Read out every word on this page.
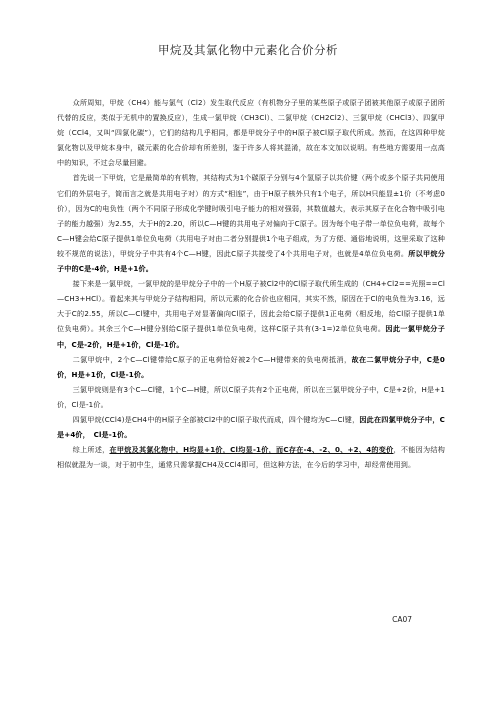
甲烷及其氯化物中元素化合价分析

众所周知，甲烷（CH4）能与氯气（Cl2）发生取代反应（有机物分子里的某些原子或原子团被其他原子或原子团所代替的反应，类似于无机中的置换反应），生成一氯甲烷（CH3Cl）、二氯甲烷（CH2Cl2）、三氯甲烷（CHCl3）、四氯甲烷（CCl4，又叫“四氯化碳”），它们的结构几乎相同，都是甲烷分子中的H原子被Cl原子取代所成。然而，在这四种甲烷氯化物以及甲烷本身中，碳元素的化合价却有所差别，鉴于许多人将其混淆，故在本文加以说明。有些地方需要用一点高中的知识，不过会尽量回避。

首先说一下甲烷，它是最简单的有机物，其结构式为1个碳原子分别与4个氢原子以共价键（两个或多个原子共同使用它们的外层电子，简而言之就是共用电子对）的方式“相连”，由于H原子核外只有1个电子，所以H只能显±1价（不考虑0价），因为C的电负性（两个不同原子形成化学键时吸引电子能力的相对强弱，其数值越大，表示其原子在化合物中吸引电子的能力越强）为2.55，大于H的2.20，所以C—H键的共用电子对偏向于C原子。因为每个电子带一单位负电荷，故每个C—H键会给C原子提供1单位负电荷（共用电子对由二者分别提供1个电子组成，为了方便、通俗地说明，这里采取了这种较不规范的说法），甲烷分子中共有4个C—H键，因此C原子共接受了4个共用电子对，也就是4单位负电荷。所以甲烷分子中的C是-4价，H是+1价。

接下来是一氯甲烷，一氯甲烷的是甲烷分子中的一个H原子被Cl2中的Cl原子取代所生成的（CH4+Cl2==光照==Cl—CH3+HCl）。看起来其与甲烷分子结构相同，所以元素的化合价也应相同，其实不然，原因在于Cl的电负性为3.16，远大于C的2.55，所以C—Cl键中，共用电子对显著偏向Cl原子，因此会给C原子提供1正电荷（相反地，给Cl原子提供1单位负电荷）。其余三个C—H键分别给C原子提供1单位负电荷，这样C原子共有(3-1=)2单位负电荷。因此一氯甲烷分子中，C是-2价，H是+1价，Cl是-1价。

二氯甲烷中，2个C—Cl键带给C原子的正电荷恰好被2个C—H键带来的负电荷抵消，故在二氯甲烷分子中，C是0价，H是+1价，Cl是-1价。

三氯甲烷则是有3个C—Cl键，1个C—H键，所以C原子共有2个正电荷，所以在三氯甲烷分子中，C是+2价，H是+1价，Cl是-1价。

四氯甲烷(CCl4)是CH4中的H原子全部被Cl2中的Cl原子取代而成，四个键均为C—Cl键，因此在四氯甲烷分子中，C是+4价，　Cl是-1价。

综上所述，在甲烷及其氯化物中，H均显+1价，Cl均显-1价，而C存在-4、-2、0、+2、4的变价，不能因为结构相似就混为一谈，对于初中生，通常只需掌握CH4及CCl4即可，但这种方法，在今后的学习中，却经常使用到。

CA07
